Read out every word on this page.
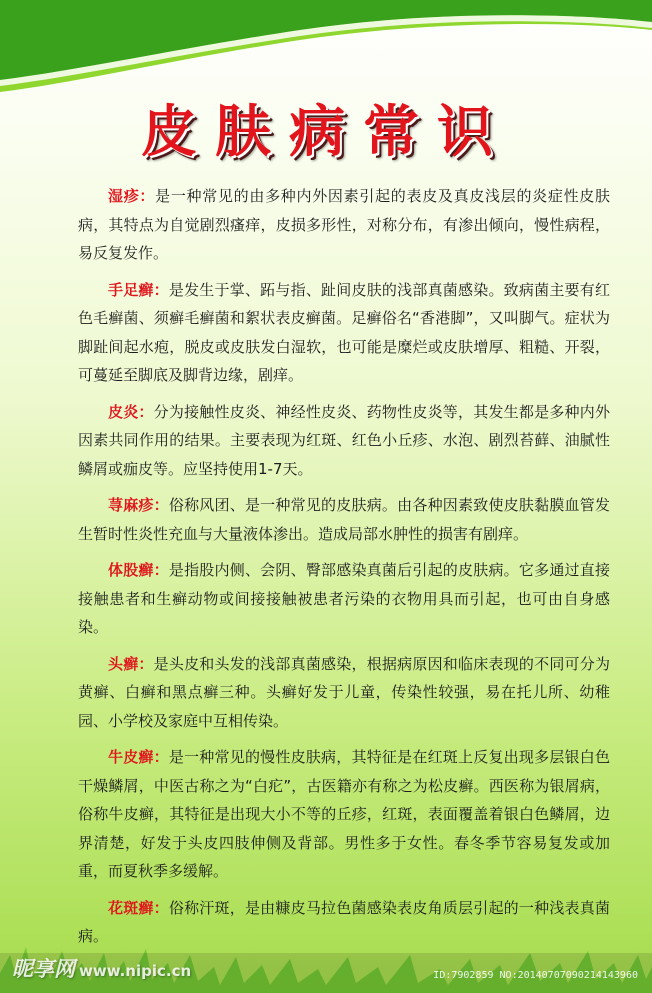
皮肤病常识

湿疹：是一种常见的由多种内外因素引起的表皮及真皮浅层的炎症性皮肤病，其特点为自觉剧烈瘙痒，皮损多形性，对称分布，有渗出倾向，慢性病程，易反复发作。

手足癣：是发生于掌、跖与指、趾间皮肤的浅部真菌感染。致病菌主要有红色毛癣菌、须癣毛癣菌和絮状表皮癣菌。足癣俗名“香港脚”，又叫脚气。症状为脚趾间起水疱，脱皮或皮肤发白湿软，也可能是糜烂或皮肤增厚、粗糙、开裂，可蔓延至脚底及脚背边缘，剧痒。

皮炎：分为接触性皮炎、神经性皮炎、药物性皮炎等，其发生都是多种内外因素共同作用的结果。主要表现为红斑、红色小丘疹、水泡、剧烈苔藓、油腻性鳞屑或痂皮等。应坚持使用1-7天。

荨麻疹：俗称风团、是一种常见的皮肤病。由各种因素致使皮肤黏膜血管发生暂时性炎性充血与大量液体渗出。造成局部水肿性的损害有剧痒。

体股癣：是指股内侧、会阴、臀部感染真菌后引起的皮肤病。它多通过直接接触患者和生癣动物或间接接触被患者污染的衣物用具而引起，也可由自身感染。

头癣：是头皮和头发的浅部真菌感染，根据病原因和临床表现的不同可分为黄癣、白癣和黑点癣三种。头癣好发于儿童，传染性较强，易在托儿所、幼稚园、小学校及家庭中互相传染。

牛皮癣：是一种常见的慢性皮肤病，其特征是在红斑上反复出现多层银白色干燥鳞屑，中医古称之为“白疕”，古医籍亦有称之为松皮癣。西医称为银屑病，俗称牛皮癣，其特征是出现大小不等的丘疹，红斑，表面覆盖着银白色鳞屑，边界清楚，好发于头皮四肢伸侧及背部。男性多于女性。春冬季节容易复发或加重，而夏秋季多缓解。

花斑癣：俗称汗斑，是由糠皮马拉色菌感染表皮角质层引起的一种浅表真菌病。

昵享网 www.nipic.cn	ID:7902859 NO:20140707090214143960
